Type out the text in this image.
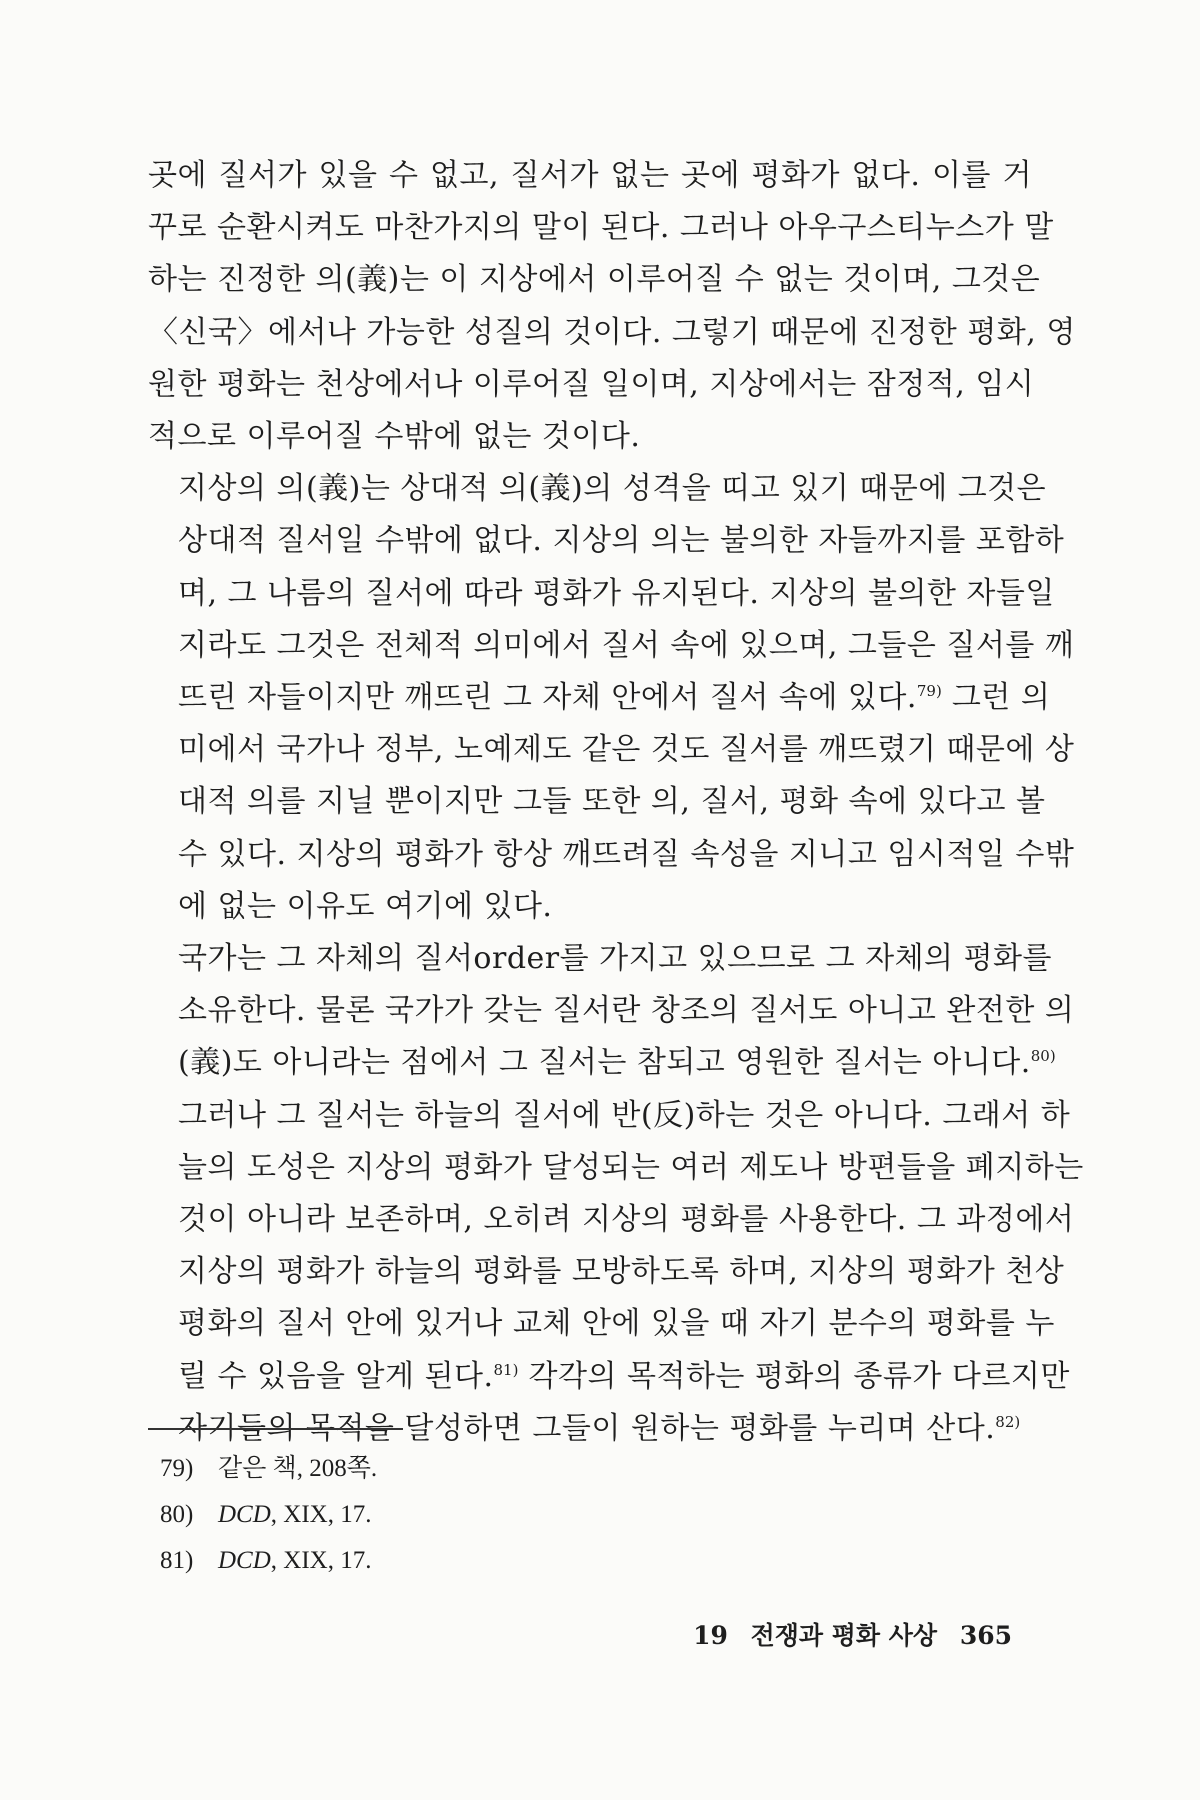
곳에 질서가 있을 수 없고, 질서가 없는 곳에 평화가 없다. 이를 거
꾸로 순환시켜도 마찬가지의 말이 된다. 그러나 아우구스티누스가 말
하는 진정한 의(義)는 이 지상에서 이루어질 수 없는 것이며, 그것은
〈신국〉에서나 가능한 성질의 것이다. 그렇기 때문에 진정한 평화, 영
원한 평화는 천상에서나 이루어질 일이며, 지상에서는 잠정적, 임시
적으로 이루어질 수밖에 없는 것이다.

지상의 의(義)는 상대적 의(義)의 성격을 띠고 있기 때문에 그것은
상대적 질서일 수밖에 없다. 지상의 의는 불의한 자들까지를 포함하
며, 그 나름의 질서에 따라 평화가 유지된다. 지상의 불의한 자들일
지라도 그것은 전체적 의미에서 질서 속에 있으며, 그들은 질서를 깨
뜨린 자들이지만 깨뜨린 그 자체 안에서 질서 속에 있다.$^{79)}$ 그런 의
미에서 국가나 정부, 노예제도 같은 것도 질서를 깨뜨렸기 때문에 상
대적 의를 지닐 뿐이지만 그들 또한 의, 질서, 평화 속에 있다고 볼
수 있다. 지상의 평화가 항상 깨뜨려질 속성을 지니고 임시적일 수밖
에 없는 이유도 여기에 있다.

국가는 그 자체의 질서order를 가지고 있으므로 그 자체의 평화를
소유한다. 물론 국가가 갖는 질서란 창조의 질서도 아니고 완전한 의
(義)도 아니라는 점에서 그 질서는 참되고 영원한 질서는 아니다.$^{80)}$
그러나 그 질서는 하늘의 질서에 반(反)하는 것은 아니다. 그래서 하
늘의 도성은 지상의 평화가 달성되는 여러 제도나 방편들을 폐지하는
것이 아니라 보존하며, 오히려 지상의 평화를 사용한다. 그 과정에서
지상의 평화가 하늘의 평화를 모방하도록 하며, 지상의 평화가 천상
평화의 질서 안에 있거나 교체 안에 있을 때 자기 분수의 평화를 누
릴 수 있음을 알게 된다.$^{81)}$ 각각의 목적하는 평화의 종류가 다르지만
자기들의 목적을 달성하면 그들이 원하는 평화를 누리며 산다.$^{82)}$

79) 같은 책, 208쪽.
80) DCD, XIX, 17.
81) DCD, XIX, 17.
19 전쟁과 평화 사상 365
